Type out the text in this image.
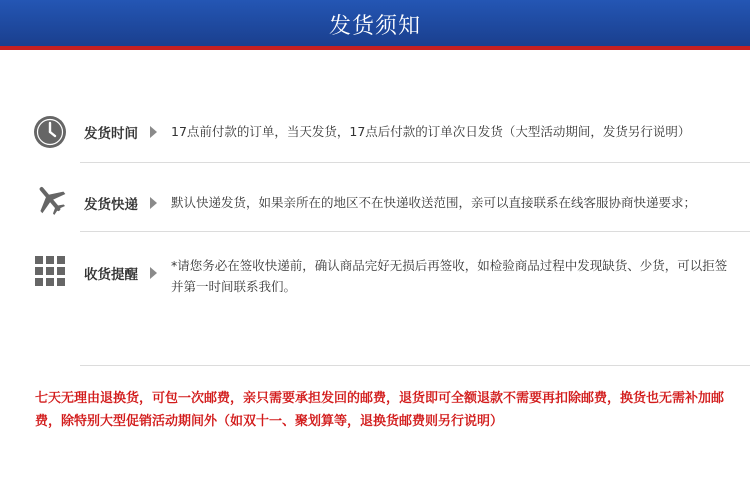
发货须知
发货时间	17点前付款的订单，当天发货，17点后付款的订单次日发货（大型活动期间，发货另行说明）
发货快递	默认快递发货，如果亲所在的地区不在快递收送范围，亲可以直接联系在线客服协商快递要求；
收货提醒
*请您务必在签收快递前，确认商品完好无损后再签收，如检验商品过程中发现缺货、少货，可以拒签并第一时间联系我们。
七天无理由退换货，可包一次邮费，亲只需要承担发回的邮费，退货即可全额退款不需要再扣除邮费，换货也无需补加邮费，除特别大型促销活动期间外（如双十一、聚划算等，退换货邮费则另行说明）
